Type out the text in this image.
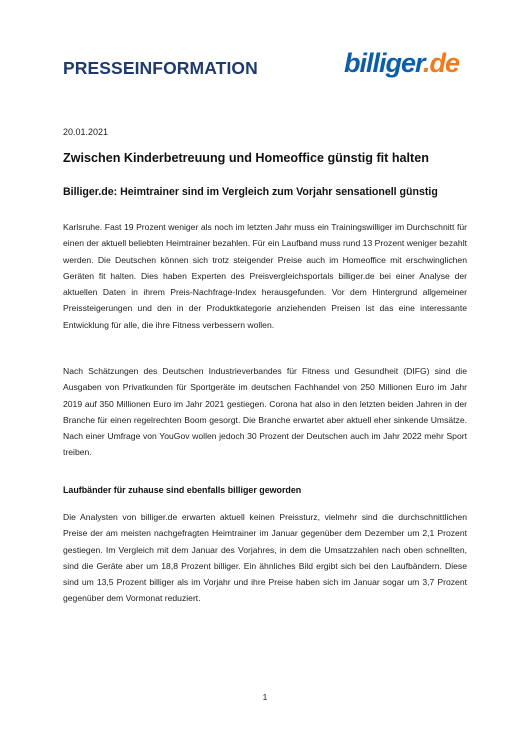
PRESSEINFORMATION	billiger.de
20.01.2021
Zwischen Kinderbetreuung und Homeoffice günstig fit halten
Billiger.de: Heimtrainer sind im Vergleich zum Vorjahr sensationell günstig
Karlsruhe. Fast 19 Prozent weniger als noch im letzten Jahr muss ein Trainingswilliger im Durchschnitt für einen der aktuell beliebten Heimtrainer bezahlen. Für ein Laufband muss rund 13 Prozent weniger bezahlt werden. Die Deutschen können sich trotz steigender Preise auch im Homeoffice mit erschwinglichen Geräten fit halten. Dies haben Experten des Preisvergleichsportals billiger.de bei einer Analyse der aktuellen Daten in ihrem Preis-Nachfrage-Index herausgefunden. Vor dem Hintergrund allgemeiner Preissteigerungen und den in der Produktkategorie anziehenden Preisen ist das eine interessante Entwicklung für alle, die ihre Fitness verbessern wollen.
Nach Schätzungen des Deutschen Industrieverbandes für Fitness und Gesundheit (DIFG) sind die Ausgaben von Privatkunden für Sportgeräte im deutschen Fachhandel von 250 Millionen Euro im Jahr 2019 auf 350 Millionen Euro im Jahr 2021 gestiegen. Corona hat also in den letzten beiden Jahren in der Branche für einen regelrechten Boom gesorgt. Die Branche erwartet aber aktuell eher sinkende Umsätze. Nach einer Umfrage von YouGov wollen jedoch 30 Prozent der Deutschen auch im Jahr 2022 mehr Sport treiben.
Laufbänder für zuhause sind ebenfalls billiger geworden
Die Analysten von billiger.de erwarten aktuell keinen Preissturz, vielmehr sind die durchschnittlichen Preise der am meisten nachgefragten Heimtrainer im Januar gegenüber dem Dezember um 2,1 Prozent gestiegen. Im Vergleich mit dem Januar des Vorjahres, in dem die Umsatzzahlen nach oben schnellten, sind die Geräte aber um 18,8 Prozent billiger. Ein ähnliches Bild ergibt sich bei den Laufbändern. Diese sind um 13,5 Prozent billiger als im Vorjahr und ihre Preise haben sich im Januar sogar um 3,7 Prozent gegenüber dem Vormonat reduziert.
1
